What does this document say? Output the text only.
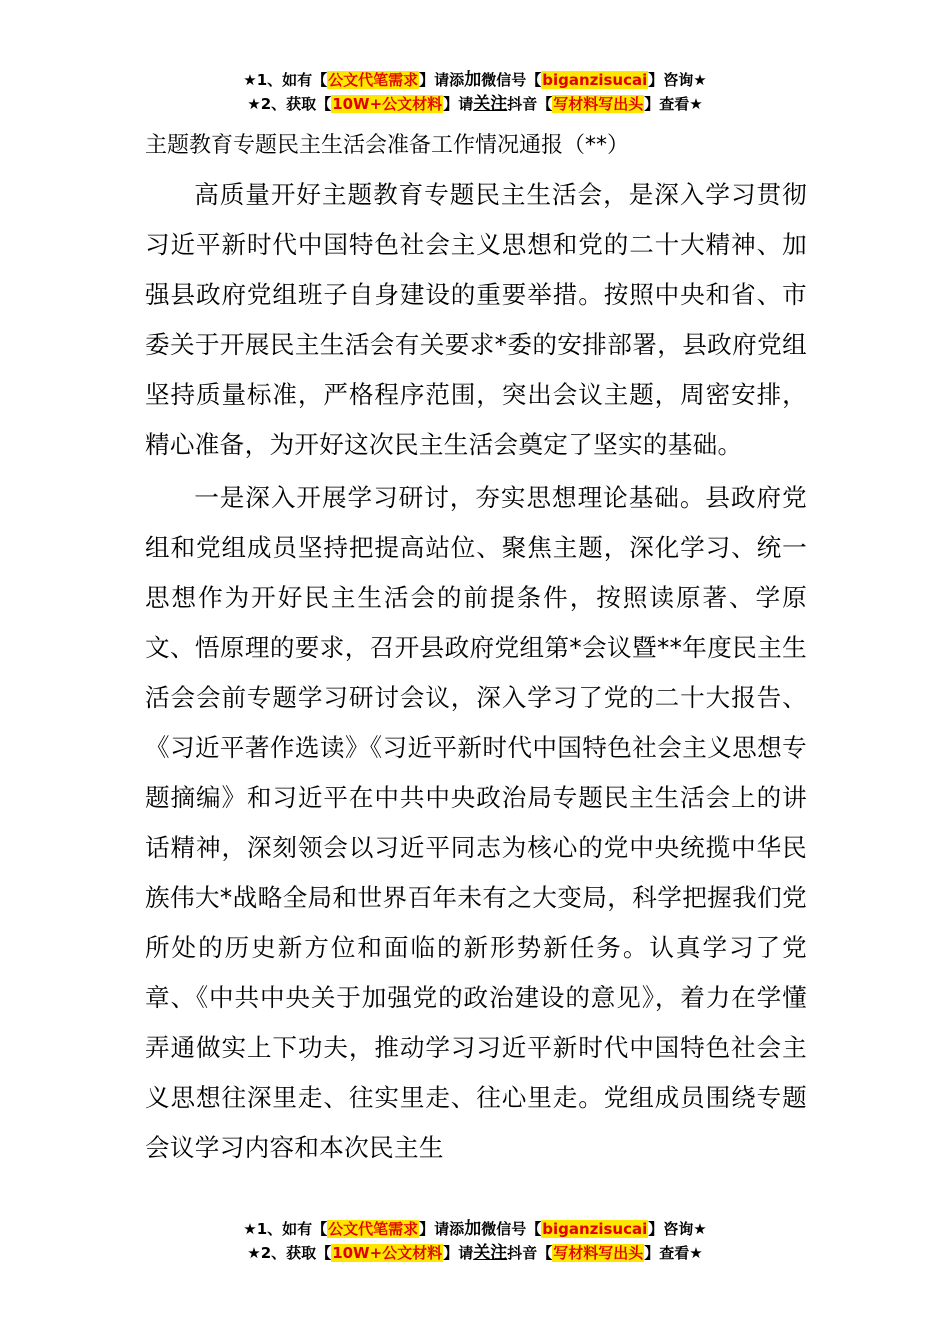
★1、如有【公文代笔需求】请添加微信号【biganzisucai】咨询★
★2、获取【10W+公文材料】请关注抖音【写材料写出头】查看★
主题教育专题民主生活会准备工作情况通报（**）

高质量开好主题教育专题民主生活会，是深入学习贯彻习近平新时代中国特色社会主义思想和党的二十大精神、加强县政府党组班子自身建设的重要举措。按照中央和省、市委关于开展民主生活会有关要求*委的安排部署，县政府党组坚持质量标准，严格程序范围，突出会议主题，周密安排，精心准备，为开好这次民主生活会奠定了坚实的基础。

一是深入开展学习研讨，夯实思想理论基础。县政府党组和党组成员坚持把提高站位、聚焦主题，深化学习、统一思想作为开好民主生活会的前提条件，按照读原著、学原文、悟原理的要求，召开县政府党组第*会议暨**年度民主生活会会前专题学习研讨会议，深入学习了党的二十大报告、《习近平著作选读》《习近平新时代中国特色社会主义思想专题摘编》和习近平在中共中央政治局专题民主生活会上的讲话精神，深刻领会以习近平同志为核心的党中央统揽中华民族伟大*战略全局和世界百年未有之大变局，科学把握我们党所处的历史新方位和面临的新形势新任务。认真学习了党章、《中共中央关于加强党的政治建设的意见》，着力在学懂弄通做实上下功夫，推动学习习近平新时代中国特色社会主义思想往深里走、往实里走、往心里走。党组成员围绕专题会议学习内容和本次民主生

★1、如有【公文代笔需求】请添加微信号【biganzisucai】咨询★
★2、获取【10W+公文材料】请关注抖音【写材料写出头】查看★
